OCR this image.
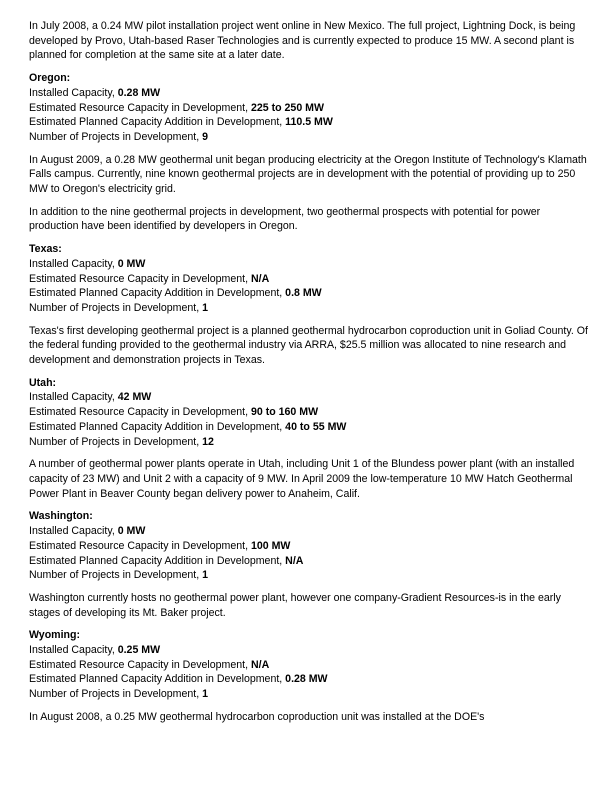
In July 2008, a 0.24 MW pilot installation project went online in New Mexico. The full project, Lightning Dock, is being developed by Provo, Utah-based Raser Technologies and is currently expected to produce 15 MW. A second plant is planned for completion at the same site at a later date.

Oregon:

Installed Capacity, 0.28 MW

Estimated Resource Capacity in Development, 225 to 250 MW

Estimated Planned Capacity Addition in Development, 110.5 MW

Number of Projects in Development, 9

In August 2009, a 0.28 MW geothermal unit began producing electricity at the Oregon Institute of Technology's Klamath Falls campus. Currently, nine known geothermal projects are in development with the potential of providing up to 250 MW to Oregon's electricity grid.

In addition to the nine geothermal projects in development, two geothermal prospects with potential for power production have been identified by developers in Oregon.

Texas:

Installed Capacity, 0 MW

Estimated Resource Capacity in Development, N/A

Estimated Planned Capacity Addition in Development, 0.8 MW

Number of Projects in Development, 1

Texas's first developing geothermal project is a planned geothermal hydrocarbon coproduction unit in Goliad County. Of the federal funding provided to the geothermal industry via ARRA, $25.5 million was allocated to nine research and development and demonstration projects in Texas.

Utah:

Installed Capacity, 42 MW

Estimated Resource Capacity in Development, 90 to 160 MW

Estimated Planned Capacity Addition in Development, 40 to 55 MW

Number of Projects in Development, 12

A number of geothermal power plants operate in Utah, including Unit 1 of the Blundess power plant (with an installed capacity of 23 MW) and Unit 2 with a capacity of 9 MW. In April 2009 the low-temperature 10 MW Hatch Geothermal Power Plant in Beaver County began delivery power to Anaheim, Calif.

Washington:

Installed Capacity, 0 MW

Estimated Resource Capacity in Development, 100 MW

Estimated Planned Capacity Addition in Development, N/A

Number of Projects in Development, 1

Washington currently hosts no geothermal power plant, however one company-Gradient Resources-is in the early stages of developing its Mt. Baker project.

Wyoming:

Installed Capacity, 0.25 MW

Estimated Resource Capacity in Development, N/A

Estimated Planned Capacity Addition in Development, 0.28 MW

Number of Projects in Development, 1

In August 2008, a 0.25 MW geothermal hydrocarbon coproduction unit was installed at the DOE's
